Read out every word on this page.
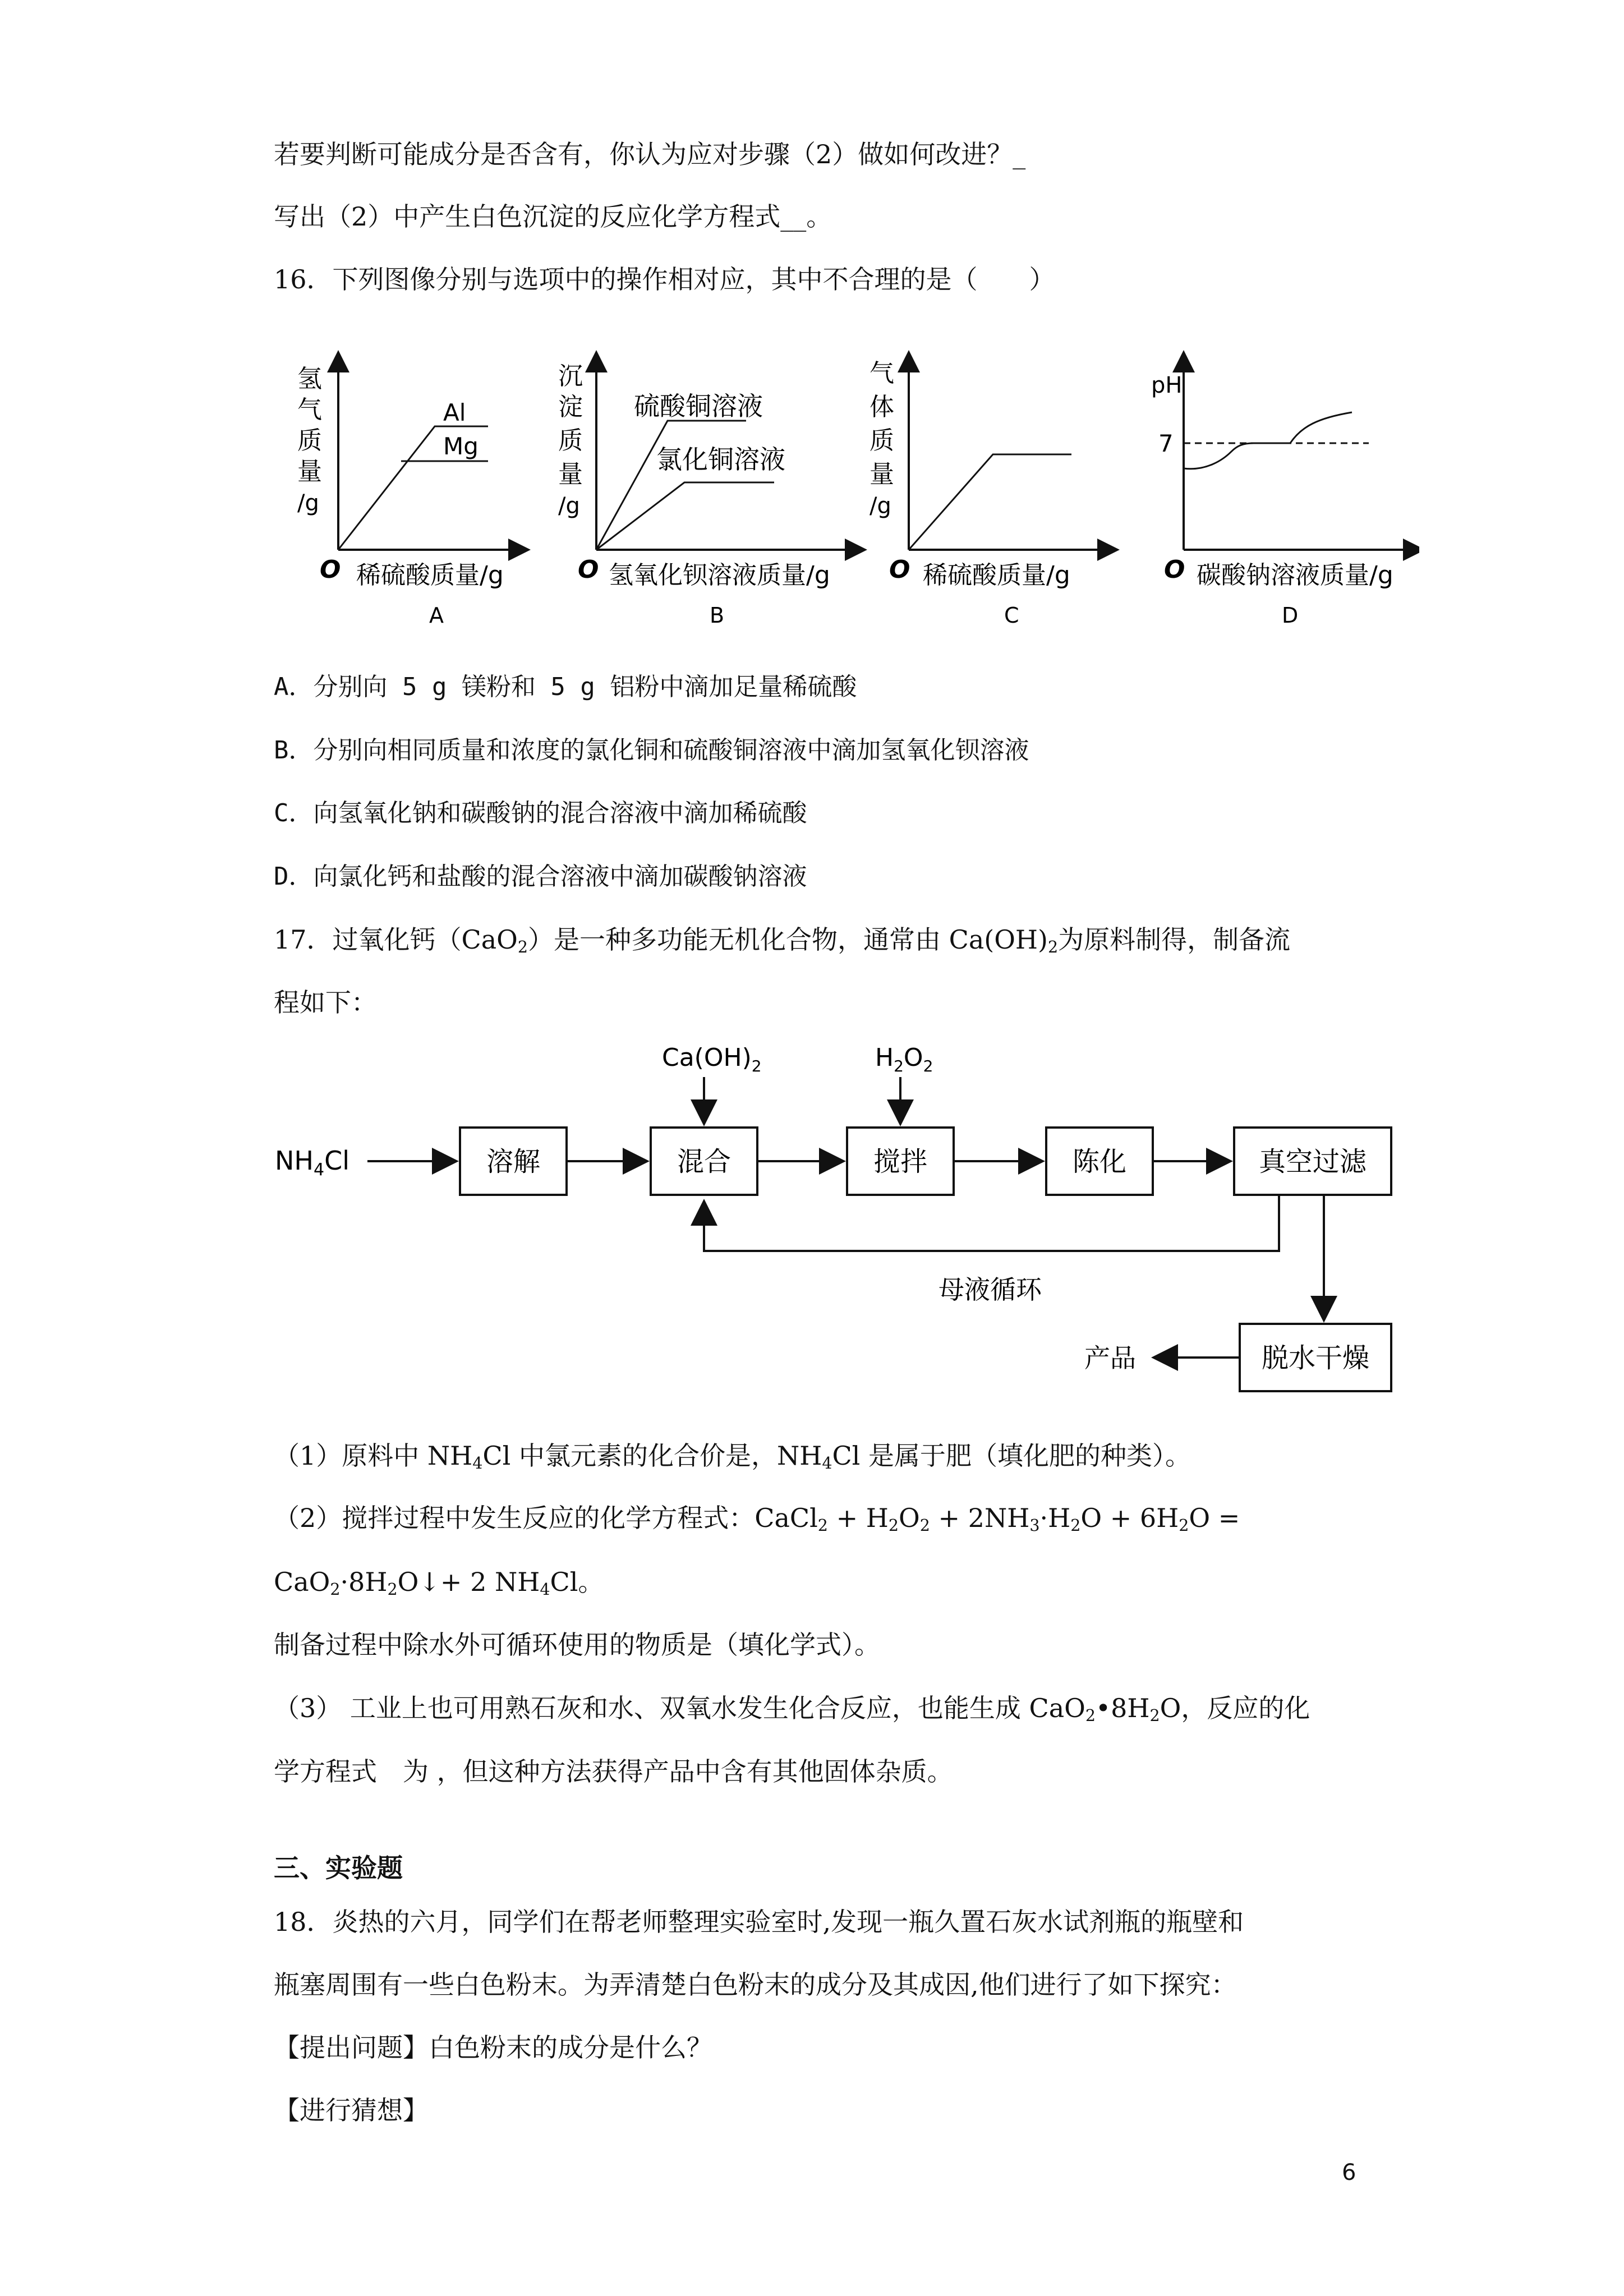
若要判断可能成分是否含有，你认为应对步骤（2）做如何改进？_
写出（2）中产生白色沉淀的反应化学方程式__。
16．下列图像分别与选项中的操作相对应，其中不合理的是（　　）
Al
Mg
氢
气
质
量
/g
O 稀硫酸质量/g
A
硫酸铜溶液
氯化铜溶液
沉
淀
质
量
/g
O 氢氧化钡溶液质量/g
B
气
体
质
量
/g
O 稀硫酸质量/g
C
pH
7
O 碳酸钠溶液质量/g
D
A．分别向 5 g 镁粉和 5 g 铝粉中滴加足量稀硫酸
B．分别向相同质量和浓度的氯化铜和硫酸铜溶液中滴加氢氧化钡溶液
C．向氢氧化钠和碳酸钠的混合溶液中滴加稀硫酸
D．向氯化钙和盐酸的混合溶液中滴加碳酸钠溶液
17．过氧化钙（CaO$_2$）是一种多功能无机化合物，通常由 $Ca(OH)_2$为原料制得，制备流
程如下：
$NH_4Cl$	溶解	混合	搅拌	陈化	真空过滤
$Ca(OH)_2$	$H_2O_2$
母液循环
脱水干燥
产品
（1）原料中 $NH_4Cl$ 中氯元素的化合价是，$NH_4Cl$ 是属于肥（填化肥的种类）。
（2）搅拌过程中发生反应的化学方程式：CaCl$_2$ + $H_2O_2 + 2NH_3\cdot H_2O + 6H_2O$ =
$CaO_2\cdot 8H_2O↓+ 2$ $NH_4Cl$。
制备过程中除水外可循环使用的物质是（填化学式）。
（3） 工业上也可用熟石灰和水、双氧水发生化合反应，也能生成 $CaO_2•8H_2O$，反应的化
学方程式　为 ，但这种方法获得产品中含有其他固体杂质。
三、实验题
18．炎热的六月，同学们在帮老师整理实验室时,发现一瓶久置石灰水试剂瓶的瓶壁和
瓶塞周围有一些白色粉末。为弄清楚白色粉末的成分及其成因,他们进行了如下探究：
【提出问题】白色粉末的成分是什么？
【进行猜想】
6
